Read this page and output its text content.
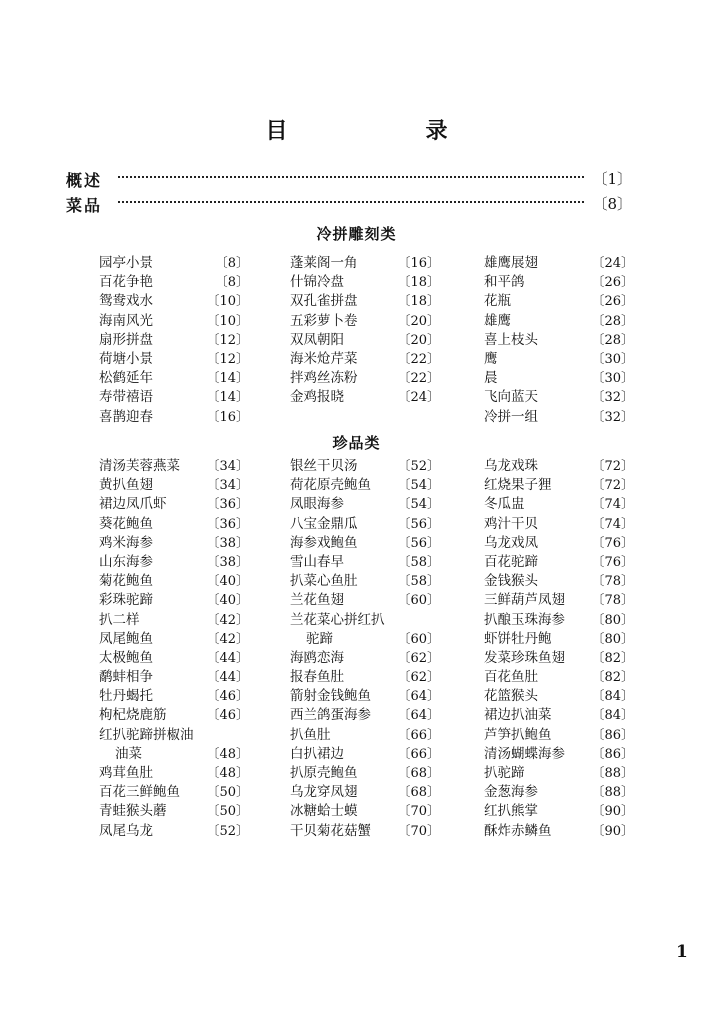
目　录
概述	〔1〕
菜品	〔8〕
冷拼雕刻类
园亭小景	〔8〕
百花争艳	〔8〕
鸳鸯戏水	〔10〕
海南风光	〔10〕
扇形拼盘	〔12〕
荷塘小景	〔12〕
松鹤延年	〔14〕
寿带禧语	〔14〕
喜鹊迎春	〔16〕
蓬莱阁一角	〔16〕
什锦冷盘	〔18〕
双孔雀拼盘	〔18〕
五彩萝卜卷	〔20〕
双凤朝阳	〔20〕
海米炝芹菜	〔22〕
拌鸡丝冻粉	〔22〕
金鸡报晓	〔24〕
雄鹰展翅	〔24〕
和平鸽	〔26〕
花瓶	〔26〕
雄鹰	〔28〕
喜上枝头	〔28〕
鹰	〔30〕
晨	〔30〕
飞向蓝天	〔32〕
冷拼一组	〔32〕
珍品类
清汤芙蓉燕菜 〔34〕
黄扒鱼翅	〔34〕
裙边凤爪虾	〔36〕
葵花鲍鱼	〔36〕
鸡米海参	〔38〕
山东海参	〔38〕
菊花鲍鱼	〔40〕
彩珠驼蹄	〔40〕
扒二样	〔42〕
凤尾鲍鱼	〔42〕
太极鲍鱼	〔44〕
鹬蚌相争	〔44〕
牡丹蝎托	〔46〕
枸杞烧鹿筋	〔46〕
红扒驼蹄拼椒油
油菜	〔48〕
鸡茸鱼肚	〔48〕
百花三鲜鲍鱼 〔50〕
青蛙猴头蘑	〔50〕
凤尾乌龙	〔52〕
银丝干贝汤	〔52〕
荷花原壳鲍鱼 〔54〕
凤眼海参	〔54〕
八宝金鼎瓜	〔56〕
海参戏鲍鱼	〔56〕
雪山春早	〔58〕
扒菜心鱼肚	〔58〕
兰花鱼翅	〔60〕
兰花菜心拼红扒
驼蹄	〔60〕
海鸥恋海	〔62〕
报春鱼肚	〔62〕
箭射金钱鲍鱼 〔64〕
西兰鸽蛋海参 〔64〕
扒鱼肚	〔66〕
白扒裙边	〔66〕
扒原壳鲍鱼	〔68〕
乌龙穿凤翅	〔68〕
冰糖蛤士蟆	〔70〕
干贝菊花菇蟹 〔70〕
乌龙戏珠	〔72〕
红烧果子狸	〔72〕
冬瓜盅	〔74〕
鸡汁干贝	〔74〕
乌龙戏凤	〔76〕
百花驼蹄	〔76〕
金钱猴头	〔78〕
三鲜葫芦凤翅 〔78〕
扒酿玉珠海参 〔80〕
虾饼牡丹鲍	〔80〕
发菜珍珠鱼翅 〔82〕
百花鱼肚	〔82〕
花篮猴头	〔84〕
裙边扒油菜	〔84〕
芦笋扒鲍鱼	〔86〕
清汤蝴蝶海参 〔86〕
扒驼蹄	〔88〕
金葱海参	〔88〕
红扒熊掌	〔90〕
酥炸赤鳞鱼	〔90〕
1
